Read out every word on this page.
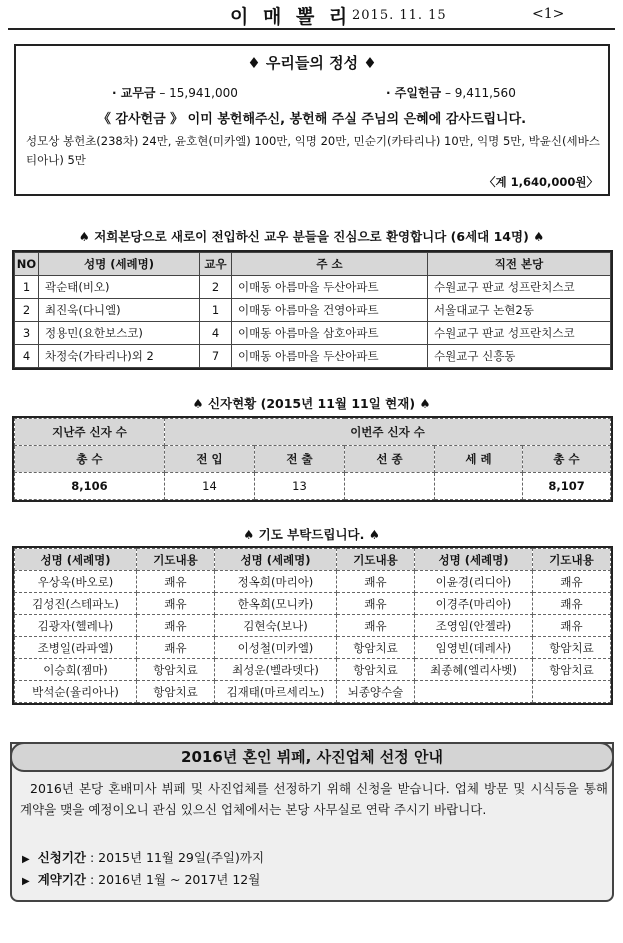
이 매 뽈 리 2015. 11. 15	<1>
♦ 우리들의 정성 ♦
· 교무금 – 15,941,000	· 주일헌금 – 9,411,560
《 감사헌금 》 이미 봉헌해주신, 봉헌해 주실 주님의 은혜에 감사드립니다.
성모상 봉헌초(238차) 24만, 윤호현(미카엘) 100만, 익명 20만, 민순기(카타리나) 10만, 익명 5만, 박윤신(세바스티아나) 5만
〈계 1,640,000원〉
♠ 저희본당으로 새로이 전입하신 교우 분들을 진심으로 환영합니다 (6세대 14명) ♠
NO	성명 (세례명)	교우	주 소	직전 본당
1	곽순태(비오)	2	이매동 아름마을 두산아파트	수원교구 판교 성프란치스코
2	최진욱(다니엘)	1	이매동 아름마을 건영아파트	서울대교구 논현2동
3	정용민(요한보스코)	4	이매동 아름마을 삼호아파트	수원교구 판교 성프란치스코
4	차정숙(가타리나)외 2	7	이매동 아름마을 두산아파트	수원교구 신흥동
♠ 신자현황 (2015년 11월 11일 현재) ♠
지난주 신자 수	이번주 신자 수				
총 수	전 입	전 출	선 종	세 례	총 수
8,106	14	13			8,107
♠ 기도 부탁드립니다. ♠
성명 (세례명)	기도내용	성명 (세례명)	기도내용	성명 (세례명)	기도내용
우상욱(바오로)	쾌유	정옥희(마리아)	쾌유	이윤경(리디아)	쾌유
김성진(스테파노)	쾌유	한옥희(모니카)	쾌유	이경주(마리아)	쾌유
김광자(헬레나)	쾌유	김현숙(보나)	쾌유	조영임(안젤라)	쾌유
조병일(라파엘)	쾌유	이성철(미카엘)	항암치료	임영빈(데레사)	항암치료
이승희(젬마)	항암치료	최성운(벨라뎃다)	항암치료	최종혜(엘리사벳)	항암치료
박석순(율리아나)	항암치료	김재태(마르세리노)	뇌종양수술		
2016년 혼인 뷔페, 사진업체 선정 안내
2016년 본당 혼배미사 뷔페 및 사진업체를 선정하기 위해 신청을 받습니다. 업체 방문 및 시식등을 통해 계약을 맺을 예정이오니 관심 있으신 업체에서는 본당 사무실로 연락 주시기 바랍니다.
▶ 신청기간 : 2015년 11월 29일(주일)까지
▶ 계약기간 : 2016년 1월 ~ 2017년 12월
